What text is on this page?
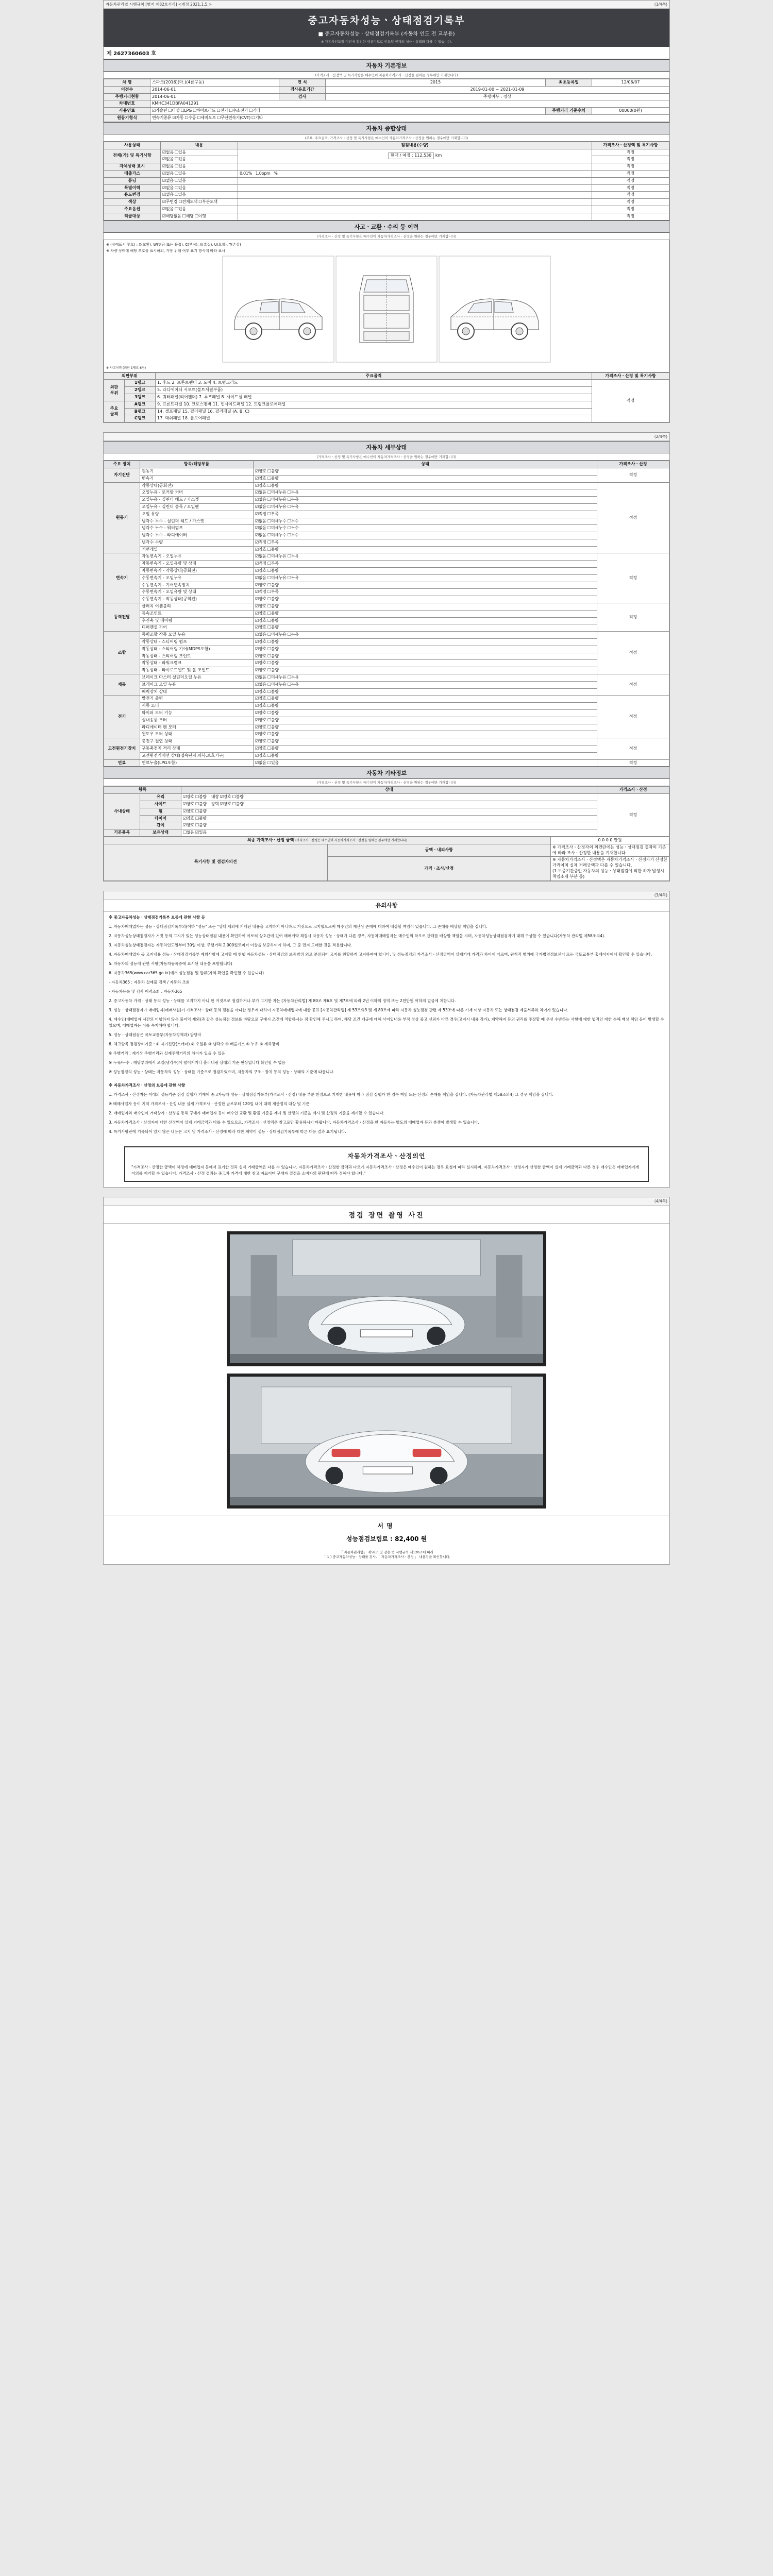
자동차관리법 시행규칙 [별지 제82호서식] <개정 2021.1.5.>	(1/4쪽)
중고자동차성능ㆍ상태점검기록부
■ 중고자동차성능ㆍ상태점검기록부 (자동차 인도 전 교부용)
※ 자동차인도일 이전에 점검한 내용이므로 인도일 현재의 성능ㆍ상태와 다를 수 있습니다.
제 2627360603 호
자동차 기본정보
(가격조사ㆍ산정액 및 특기사항은 매수인이 자동차가격조사ㆍ산정을 원하는 경우에만 기재합니다)
차 명	스파크(2016)(마.)(4륜구동)	연 식	2015	최초등록일	12/06/07
이전수	2014-06-01	검사유효기간	2019-01-00 ~ 2021-01-09		
주행거리현황	2014-06-01	검사	주행여부 : 정상		
차대번호	KMHC341DBFA041291				
사용연료	☑가솔린 ☐디젤 ☐LPG ☐하이브리드 ☐전기 ☐수소전기 ☐기타			주행거리 기준수치	00000(0원)
원동기형식	변속기종류 ☑자동 ☐수동 ☐세미오토 ☐무단변속기(CVT) ☐기타				
자동차 종합상태
(주요, 주요골격, 가격조사ㆍ산정 및 특기사항은 매수인이 자동차가격조사ㆍ산정을 원하는 경우에만 기재합니다)
사용상태	내용	점검내용(수량)	가격조사ㆍ산정액 및 특기사항
전체(가) 및 특기사항	☑없음 ☐있음	현재 / 예정 : 112,530 km	적정
	☑없음 ☐있음		적정
자체상태 표시	☑없음 ☐있음		적정
배출가스	☑없음 ☐있음	0.01% 1.0ppm %	적정
튜닝	☑없음 ☐있음		적정
특별이력	☑없음 ☐있음		적정
용도변경	☑없음 ☐있음		적정
색상	☑무변경 ☐전체도색 ☐부분도색		적정
주요옵션	☑없음 ☐있음		적정
리콜대상	☑해당없음 ☐해당 ☐이행		적정
사고ㆍ교환ㆍ수리 등 이력
(가격조사ㆍ산정 및 특기사항은 매수인이 자동차가격조사ㆍ산정을 원하는 경우에만 기재합니다)
※ (상태표시 부호) : X(교환), W(판금 또는 용접), C(부식), A(흠집), U(요철), T(손상)
※ 차량 상태에 해당 부호를 표시하되, 가장 위해 여부 표기 방식에 따라 표시
※ 사고이력 (외판 1랭크 6점)
외판부위		주요골격	가격조사ㆍ산정 및 특기사항
외판
부위	1랭크	1. 후드 2. 프론트펜더 3. 도어 4. 트렁크리드	적정
	2랭크	5. 라디에이터 서포트(볼트체결부품)	
	3랭크	6. 쿼터패널(리어펜더) 7. 루프패널 8. 사이드실 패널	
주요
골격	A랭크	9. 프론트패널 10. 크로스멤버 11. 인사이드패널 12. 트렁크플로어패널	
	B랭크	14. 셀프패널 15. 필러패널 16. 필러패널 (A, B, C)	
	C랭크	17. 대쉬패널 18. 플로어패널	
(2/4쪽)
자동차 세부상태
(가격조사ㆍ산정 및 특기사항은 매수인이 자동차가격조사ㆍ산정을 원하는 경우에만 기재합니다)
주요 장치	항목/해당부품	상태	가격조사ㆍ산정
자기진단	원동기	☑양호 ☐불량	적정
	변속기	☑양호 ☐불량	
원동기	작동상태(공회전)	☑양호 ☐불량	적정
	오일누유 - 로커암 커버	☑없음 ☐미세누유 ☐누유	
	오일누유 - 실린더 헤드 / 가스켓	☑없음 ☐미세누유 ☐누유	
	오일누유 - 실린더 블록 / 오일팬	☑없음 ☐미세누유 ☐누유	
	오일 유량	☑적정 ☐부족	
	냉각수 누수 - 실린더 헤드 / 가스켓	☑없음 ☐미세누수 ☐누수	
	냉각수 누수 - 워터펌프	☑없음 ☐미세누수 ☐누수	
	냉각수 누수 - 라디에이터	☑없음 ☐미세누수 ☐누수	
	냉각수 수량	☑적정 ☐부족	
	커먼레일	☑양호 ☐불량	
변속기	자동변속기 - 오일누유	☑없음 ☐미세누유 ☐누유	적정
	자동변속기 - 오일유량 및 상태	☑적정 ☐부족	
	자동변속기 - 작동상태(공회전)	☑양호 ☐불량	
	수동변속기 - 오일누유	☑없음 ☐미세누유 ☐누유	
	수동변속기 - 기어변속장치	☑양호 ☐불량	
	수동변속기 - 오일유량 및 상태	☑적정 ☐부족	
	수동변속기 - 작동상태(공회전)	☑양호 ☐불량	
동력전달	클러치 어셈블리	☑양호 ☐불량	적정
	등속조인트	☑양호 ☐불량	
	추진축 및 베어링	☑양호 ☐불량	
	디퍼렌셜 기어	☑양호 ☐불량	
조향	동력조향 작동 오일 누유	☑없음 ☐미세누유 ☐누유	적정
	작동상태 - 스티어링 펌프	☑양호 ☐불량	
	작동상태 - 스티어링 기어(MDPS포함)	☑양호 ☐불량	
	작동상태 - 스티어링 조인트	☑양호 ☐불량	
	작동상태 - 파워크랭크	☑양호 ☐불량	
	작동상태 - 타이로드엔드 및 볼 조인트	☑양호 ☐불량	
제동	브레이크 마스터 실린더오일 누유	☑없음 ☐미세누유 ☐누유	적정
	브레이크 오일 누유	☑없음 ☐미세누유 ☐누유	
	배력장치 상태	☑양호 ☐불량	
전기	발전기 출력	☑양호 ☐불량	적정
	시동 모터	☑양호 ☐불량	
	와이퍼 모터 기능	☑양호 ☐불량	
	실내송풍 모터	☑양호 ☐불량	
	라디에이터 팬 모터	☑양호 ☐불량	
	윈도우 모터 상태	☑양호 ☐불량	
고전원전기장치	충전구 절연 상태	☑양호 ☐불량	적정
	구동축전지 격리 상태	☑양호 ☐불량	
	고전원전기배선 상태(접속단자,피복,보호기구)	☑양호 ☐불량	
연료	연료누출(LPG포함)	☑없음 ☐있음	적정
자동차 기타정보
(가격조사ㆍ산정 및 특기사항은 매수인이 자동차가격조사ㆍ산정을 원하는 경우에만 기재합니다)
항목		상태	가격조사ㆍ산정
사내상태	유리	☑양호 ☐불량 내장 ☑양호 ☐불량	적정
	사이드	☑양호 ☐불량 광택 ☑양호 ☐불량	
	휠	☑양호 ☐불량	
	타이어	☑양호 ☐불량	
	간이	☑양호 ☐불량	
기본품목	보유상태	☐없음 ☑있음	
최종 가격조사ㆍ산정 금액 (가격조사ㆍ산정은 매수인이 자동차가격조사ㆍ산정을 원하는 경우에만 기재합니다)		0 0 0 0 만원
특기사항 및 점검자의견	금액ㆍ내외사항	※ 가격조사ㆍ산정자의 의견란에는 성능ㆍ상태점검 결과의 기준에 따라 조사ㆍ산정한 내용을 기재합니다.
	가격ㆍ조사/산정	※ 자동차가격조사ㆍ산정액은 자동차가격조사ㆍ산정자가 산정한 가격이며 실제 거래금액과 다를 수 있습니다.
(1.보증기간중인 자동차의 성능ㆍ상태점검에 의한 하자 발생시 책임소재 부분 등)
(3/4쪽)
유의사항

※ 중고자동차성능ㆍ상태점검기록부 보증에 관한 사항 등

1. 자동차매매업자는 성능ㆍ상태점검기록부의(이하 "성능" 또는 "상태 제외에 기재된 내용을 고지하지 아니하고 거짓으로 고지했으로써 매수인의 재산상 손해에 대하여 배상할 책임이 있습니다. 그 손해를 배상할 책임을 집니다.

2. 자동차성능상태점검자가 거짓 등의 고지가 있는 성능상태점검 내용에 확인하여 이로써 상호간에 있어 매매계약 체결시 자동차 성능ㆍ상태가 다른 경우, 자동차매매업자는 매수인의 착오로 관해를 배상할 책임을 지며, 자동차성능상태점검자에 대해 구상할 수 있습니다(자동차 관리법 제58조의4).

3. 자동차성능상태점검자는 자동차인도일부터 30일 이상, 주행거리 2,000킬로미터 이상을 보증하여야 하며, 그 중 먼저 도래한 것을 적용합니다.

4. 자동차매매업자 등 고지내용 성능ㆍ상태점검기록부 제외사항에 고지할 때 현행 자동차성능ㆍ상태점검의 보증범위 외로 분류되어 고지를 원할하게 고지하여야 합니다. 및 성능점검의 가격조사ㆍ산정금액이 실제거래 가격과 차이에 따르며, 원칙적 범위에 국가법령정보센터 또는 국토교통부 홈페이지에서 확인할 수 있습니다.

5. 자동차의 성능에 관한 사항(자동차등록증에 표시된 내용을 포함합니다)

6. 자동차365(www.car365.go.kr)에서 성능점검 및 압류(자역 확인을 확인할 수 있습니다)

- 자동차365 : 자동차 실매물 검색 / 자동차 조회

- 자동차등록 및 검사 이력조회 : 자동차365

2. 중고자동차 가격ㆍ상태 등의 성능ㆍ상태를 고지하지 아니 한 거짓으로 점검하거나 부가 고지한 자는 [자동차관리법] 제 80조 제6호 및 제7호에 따라 2년 이하의 징역 또는 2천만원 이하의 벌금에 처합니다.

3. 성능ㆍ상태점검자가 매매업자(매매사원)가 가격조사ㆍ상태 등의 점검을 아니한 경우에 대하여 자동차매매업자에 대한 공표 [자동차관리법] 제 53조의3 및 제 80조에 따라 자동차 성능점검 관련 제 53조에 따른 기재 이상 자동차 또는 상태점검 제출서류와 차이가 있습니다.

4. 매수인(매매업자 시간의 이행하지 않은 불이익 제외)과 같은 성능점검 정보를 바탕으로 구매시 조건에 적합하시는 점 확인해 주시고 하며, 해당 조건 제공에 대해 사이입내용 부적 정상 중고 신뢰가 다른 경우(고지시 내용 감가), 계약해지 등의 권리를 주장할 때 우선 수반하는 사항에 대한 법적인 대한 손해 배상 책임 등이 발생할 수 있으며, 매매업자는 이를 숙지해야 합니다.

5. 성능ㆍ상태점검은 국토교통부(자동차정책과) 담당자

6. 체크항목 점검장비기준 : ① 자기진단(스캐너) ② 오일류 ③ 냉각수 ④ 배출가스 ⑤ 누유 ⑥ 계측장비

※ 주행거리 : 계기상 주행거리와 실제주행거리의 차이가 있을 수 있음

※ 누유/누수 : 해당부위에서 오일(냉각수)이 떨어지거나 흘러내림 상태의 기준 현상입니다 확인할 수 없음

※ 성능점검의 성능ㆍ상태는 자동차의 성능ㆍ상태를 기준으로 점검하였으며, 자동차의 구조ㆍ장치 등의 성능ㆍ상태의 기준에 따릅니다.

※ 자동차가격조사ㆍ산정의 보증에 관한 사항

1. 가격조사ㆍ산정자는 이래의 성능기준 점검 실행가 기재에 중고자동차 성능ㆍ상태점검기록부(가격조사ㆍ산정) 내용 부분 한정으로 기재한 내용에 따라 점검 실행가 한 경우 책임 또는 산정의 손해를 책임을 집니다. (자동차관리법 제58조의4) 그 경우 책임을 집니다.

※ 매매사업자 등이 지역 가격조사ㆍ산정 내용 실제 가격조사ㆍ산정한 날로부터 120일 내에 대해 재산정의 대상 및 기준

2. 매매업자와 매수인이 거래상가ㆍ산정을 통해 구매가 매매업자 등이 매수인 교환 및 환불 기준을 제시 및 산정의 기준을 제시 및 산정의 기준을 제시할 수 있습니다.

3. 자동차가격조사ㆍ산정자에 대한 산정액이 실제 거래금액과 다를 수 있으므로, 가격조사ㆍ산정액은 참고로만 활용하시기 바랍니다. 자동차가격조사ㆍ산정을 한 자동차는 별도의 매매업자 등과 분쟁이 발생할 수 있습니다.

4. 특기사항란에 기록되어 있지 않은 내용은 고지 및 가격조사ㆍ산정에 따라 대한 계약이 성능ㆍ상태점검기록부에 따른 대응 결과 표기됩니다.

자동차가격조사ㆍ산정의언
"가격조사ㆍ산정한 금액이 책정에 매매업자 등에서 표기한 것과 실제 거래금액은 다를 수 있습니다. 자동차가격조사ㆍ산정한 금액과 다르게 자동차가격조사ㆍ산정은 매수인이 원하는 경우 요청에 따라 실시하며, 자동차가격조사ㆍ산정자가 산정한 금액이 실제 거래금액과 다른 경우 매수인은 매매업자에게 이의를 제기할 수 있습니다. 가격조사ㆍ산정 결과는 중고차 가격에 대한 참고 자료이며 구매자 결정을 소비자의 판단에 따라 정해야 합니다."
(4/4쪽)
점검 장면 촬영 사진
서명
성능점검보험료 : 82,400 원
「 자동차관리법」 제58조 및 같은 법 시행규칙 제120조에 따라
「 1 ) 중고자동차성능ㆍ상태를 검사,「 자동차가격조사ㆍ산정 」 내용검을 확인합니다.
